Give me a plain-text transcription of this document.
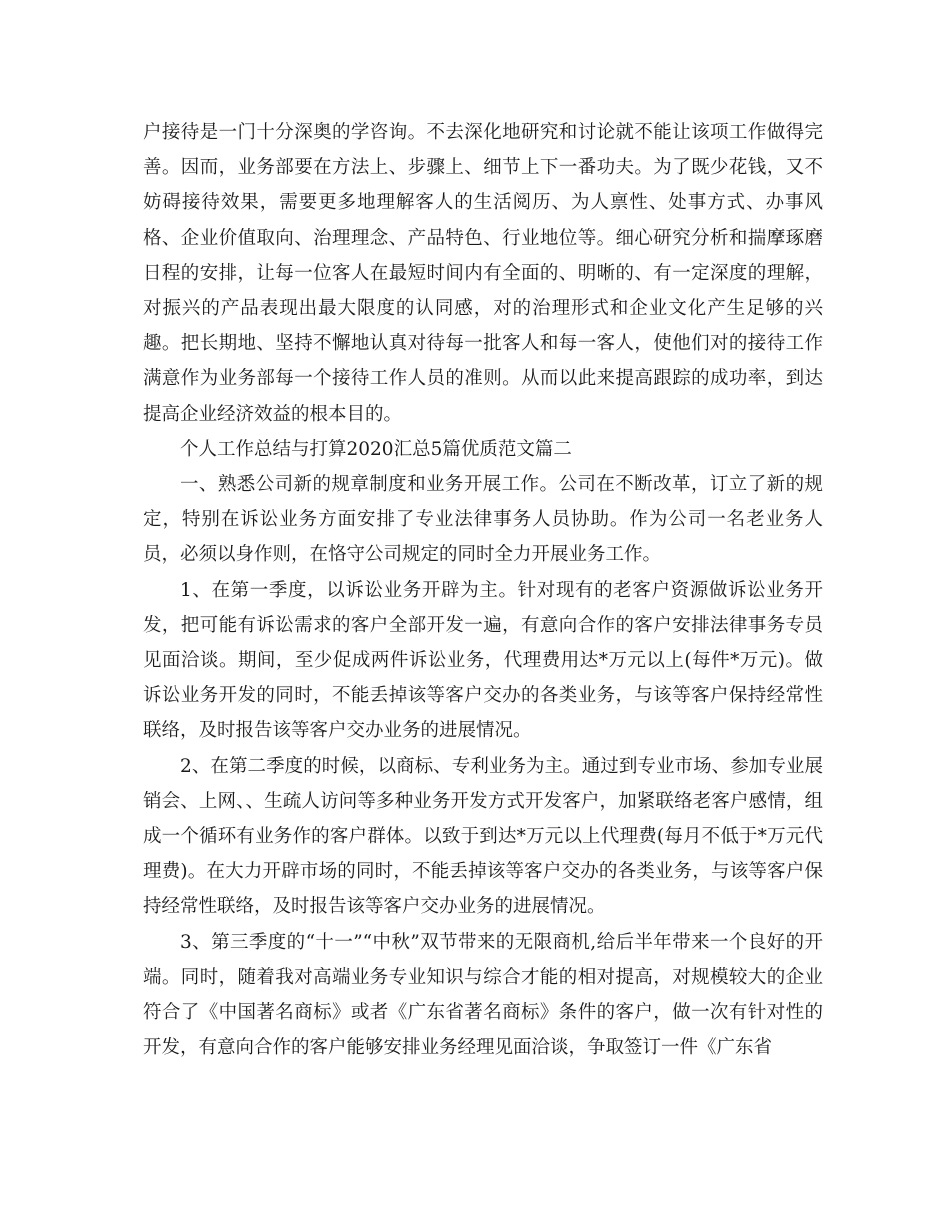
户接待是一门十分深奥的学咨询。不去深化地研究和讨论就不能让该项工作做得完善。因而，业务部要在方法上、步骤上、细节上下一番功夫。为了既少花钱，又不妨碍接待效果，需要更多地理解客人的生活阅历、为人禀性、处事方式、办事风格、企业价值取向、治理理念、产品特色、行业地位等。细心研究分析和揣摩琢磨日程的安排，让每一位客人在最短时间内有全面的、明晰的、有一定深度的理解，对振兴的产品表现出最大限度的认同感，对的治理形式和企业文化产生足够的兴趣。把长期地、坚持不懈地认真对待每一批客人和每一客人，使他们对的接待工作满意作为业务部每一个接待工作人员的准则。从而以此来提高跟踪的成功率，到达提高企业经济效益的根本目的。

个人工作总结与打算2020汇总5篇优质范文篇二

一、熟悉公司新的规章制度和业务开展工作。公司在不断改革，订立了新的规定，特别在诉讼业务方面安排了专业法律事务人员协助。作为公司一名老业务人员，必须以身作则，在恪守公司规定的同时全力开展业务工作。

1、在第一季度，以诉讼业务开辟为主。针对现有的老客户资源做诉讼业务开发，把可能有诉讼需求的客户全部开发一遍，有意向合作的客户安排法律事务专员见面洽谈。期间，至少促成两件诉讼业务，代理费用达*万元以上(每件*万元)。做诉讼业务开发的同时，不能丢掉该等客户交办的各类业务，与该等客户保持经常性联络，及时报告该等客户交办业务的进展情况。

2、在第二季度的时候，以商标、专利业务为主。通过到专业市场、参加专业展销会、上网、、生疏人访问等多种业务开发方式开发客户，加紧联络老客户感情，组成一个循环有业务作的客户群体。以致于到达*万元以上代理费(每月不低于*万元代理费)。在大力开辟市场的同时，不能丢掉该等客户交办的各类业务，与该等客户保持经常性联络，及时报告该等客户交办业务的进展情况。

3、第三季度的“十一”“中秋”双节带来的无限商机,给后半年带来一个良好的开端。同时，随着我对高端业务专业知识与综合才能的相对提高，对规模较大的企业符合了《中国著名商标》或者《广东省著名商标》条件的客户，做一次有针对性的开发，有意向合作的客户能够安排业务经理见面洽谈，争取签订一件《广东省
